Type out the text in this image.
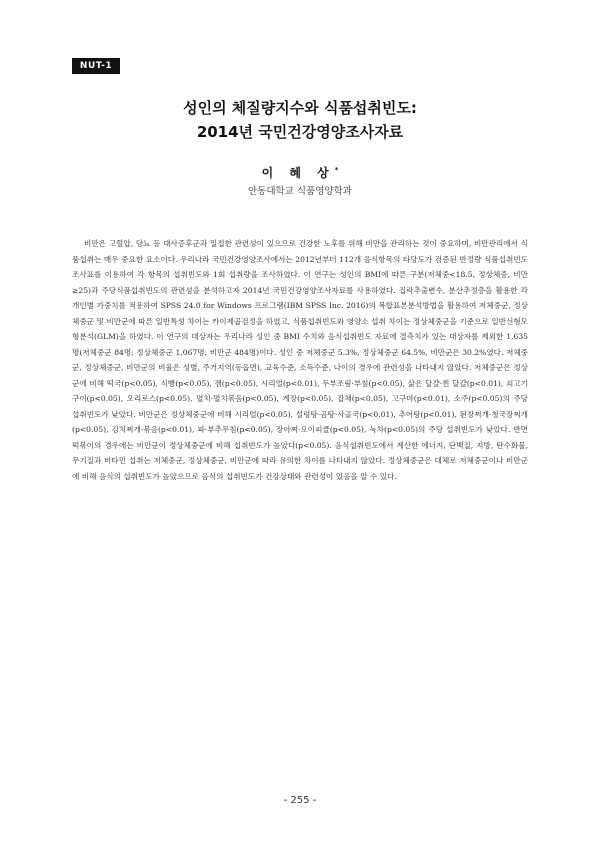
NUT-1
성인의 체질량지수와 식품섭취빈도:
2014년 국민건강영양조사자료
이 혜 상*
안동대학교 식품영양학과

비만은 고혈압, 당뇨 등 대사증후군과 밀접한 관련성이 있으므로 건강한 노후를 위해 비만을 관리하는 것이 중요하며, 비만관리에서 식품섭취는 매우 중요한 요소이다. 우리나라 국민건강영양조사에서는 2012년부터 112개 음식항목의 타당도가 검증된 반정량 식품섭취빈도조사표를 이용하여 각 항목의 섭취빈도와 1회 섭취량을 조사하였다. 이 연구는 성인의 BMI에 따른 구분(저체중<18.5, 정상체중, 비만≥25)과 주당식품섭취빈도의 관련성을 분석하고자 2014년 국민건강영양조사자료를 사용하였다. 집락추출변수, 분산추정층을 활용한 각 개인별 가중치를 적용하여 SPSS 24.0 for Windows 프로그램(IBM SPSS Inc. 2016)의 복합표본분석방법을 활용하여 저체중군, 정상체중군 및 비만군에 따른 일반특성 차이는 카이제곱검정을 하였고, 식품섭취빈도와 영양소 섭취 차이는 정상체중군을 기준으로 일반선형모형분석(GLM)을 하였다. 이 연구의 대상자는 우리나라 성인 중 BMI 수치와 음식섭취빈도 자료에 결측치가 있는 대상자를 제외한 1,635명(저체중군 84명; 정상체중군 1,067명; 비만군 484명)이다. 성인 중 저체중군 5.3%, 정상체중군 64.5%, 비만군은 30.2%였다. 저체중군, 정상체중군, 비만군의 비율은 성별, 주거지역(동읍면), 교육수준, 소득수준, 나이의 경우에 관련성을 나타내지 않았다. 저체중군은 정상군에 비해 떡국(p<0.05), 식빵(p<0.05), 잼(p<0.05), 시리얼(p<0.01), 두부조림·부침(p<0.05), 삶은 달걀·찐 달걀(p<0.01), 쇠고기 구이(p<0.05), 오리로스(p<0.05), 멸치·멸치볶음(p<0.05), 게장(p<0.05), 잡채(p<0.05), 고구마(p<0.01), 소주(p<0.05)의 주당 섭취빈도가 낮았다. 비만군은 정상체중군에 비해 시리얼(p<0.05), 설렁탕·곰탕·사골국(p<0.01), 추어탕(p<0.01), 된장찌개·청국장찌개(p<0.05), 김치찌개·볶음(p<0.01), 파·부추무침(p<0.05), 장아찌·오이피클(p<0.05), 녹차(p<0.05)의 주당 섭취빈도가 낮았다. 반면 떡볶이의 경우에는 비만군이 정상체중군에 비해 섭취빈도가 높았다(p<0.05). 음식섭취빈도에서 계산한 에너지, 단백질, 지방, 탄수화물, 무기질과 비타민 섭취는 저체중군, 정상체중군, 비만군에 따라 유의한 차이를 나타내지 않았다. 정상체중군은 대체로 저체중군이나 비만군에 비해 음식의 섭취빈도가 높았으므로 음식의 섭취빈도가 건강상태와 관련성이 있음을 알 수 있다.

- 255 -
